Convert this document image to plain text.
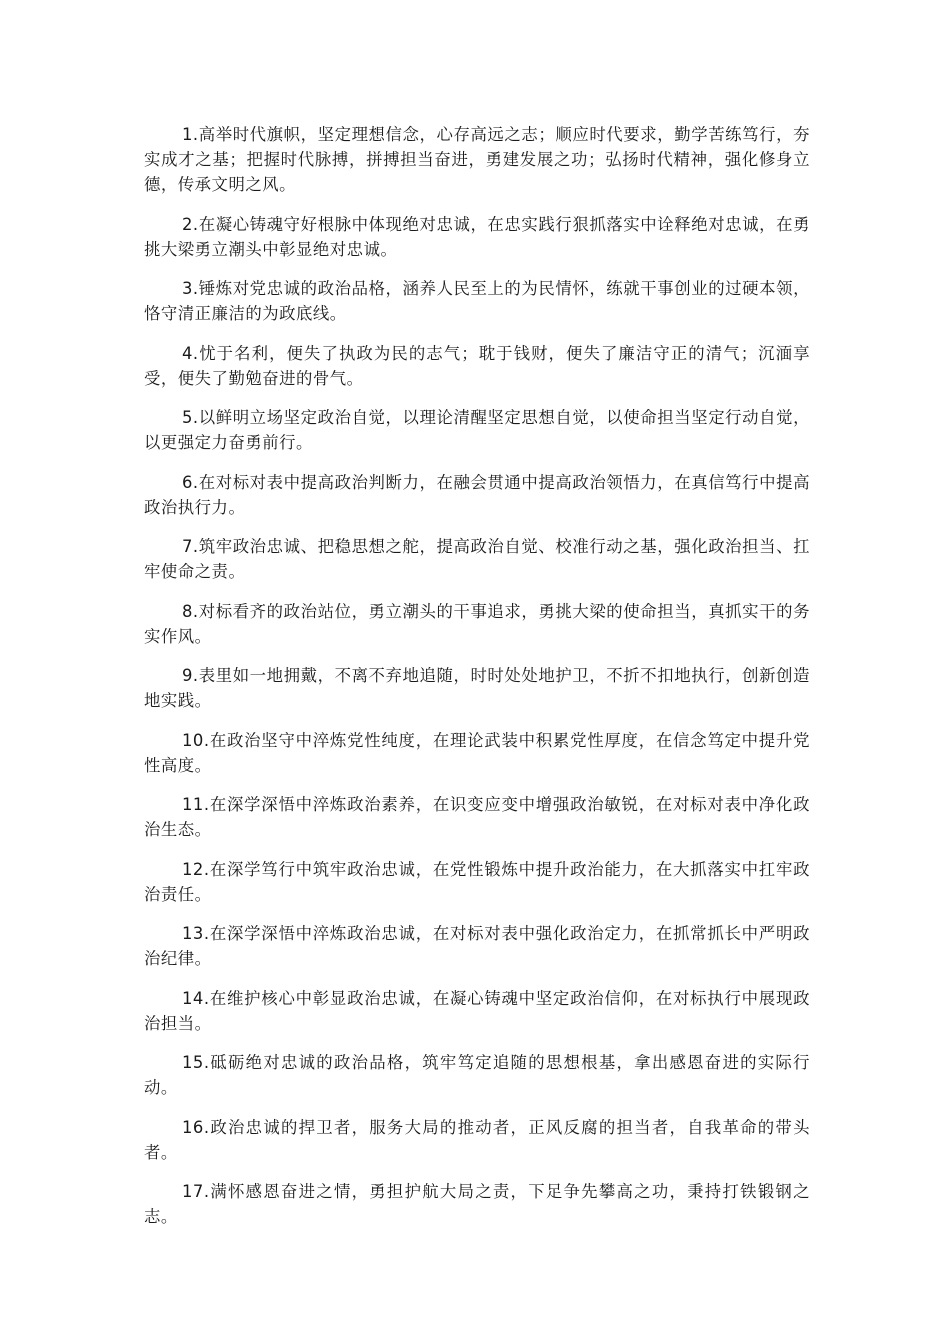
1.高举时代旗帜，坚定理想信念，心存高远之志；顺应时代要求，勤学苦练笃行，夯实成才之基；把握时代脉搏，拼搏担当奋进，勇建发展之功；弘扬时代精神，强化修身立德，传承文明之风。

2.在凝心铸魂守好根脉中体现绝对忠诚，在忠实践行狠抓落实中诠释绝对忠诚，在勇挑大梁勇立潮头中彰显绝对忠诚。

3.锤炼对党忠诚的政治品格，涵养人民至上的为民情怀，练就干事创业的过硬本领，恪守清正廉洁的为政底线。

4.忧于名利，便失了执政为民的志气；耽于钱财，便失了廉洁守正的清气；沉湎享受，便失了勤勉奋进的骨气。

5.以鲜明立场坚定政治自觉，以理论清醒坚定思想自觉，以使命担当坚定行动自觉，以更强定力奋勇前行。

6.在对标对表中提高政治判断力，在融会贯通中提高政治领悟力，在真信笃行中提高政治执行力。

7.筑牢政治忠诚、把稳思想之舵，提高政治自觉、校准行动之基，强化政治担当、扛牢使命之责。

8.对标看齐的政治站位，勇立潮头的干事追求，勇挑大梁的使命担当，真抓实干的务实作风。

9.表里如一地拥戴，不离不弃地追随，时时处处地护卫，不折不扣地执行，创新创造地实践。

10.在政治坚守中淬炼党性纯度，在理论武装中积累党性厚度，在信念笃定中提升党性高度。

11.在深学深悟中淬炼政治素养，在识变应变中增强政治敏锐，在对标对表中净化政治生态。

12.在深学笃行中筑牢政治忠诚，在党性锻炼中提升政治能力，在大抓落实中扛牢政治责任。

13.在深学深悟中淬炼政治忠诚，在对标对表中强化政治定力，在抓常抓长中严明政治纪律。

14.在维护核心中彰显政治忠诚，在凝心铸魂中坚定政治信仰，在对标执行中展现政治担当。

15.砥砺绝对忠诚的政治品格，筑牢笃定追随的思想根基，拿出感恩奋进的实际行动。

16.政治忠诚的捍卫者，服务大局的推动者，正风反腐的担当者，自我革命的带头者。

17.满怀感恩奋进之情，勇担护航大局之责，下足争先攀高之功，秉持打铁锻钢之志。
